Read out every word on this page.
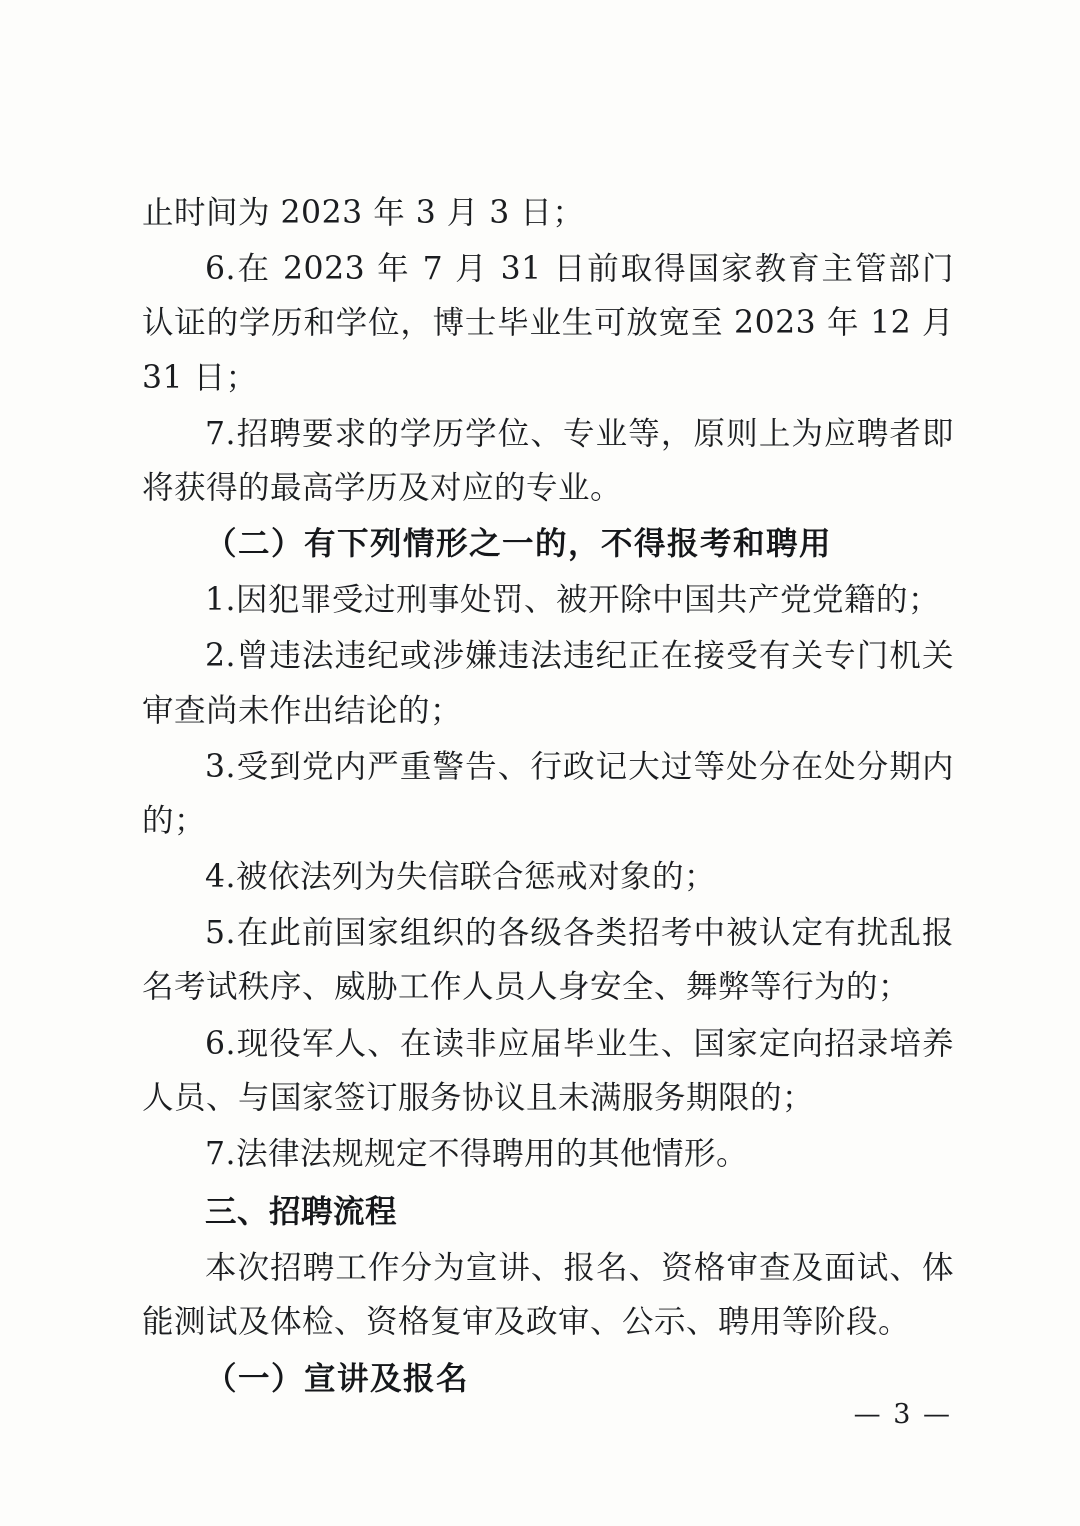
止时间为 2023 年 3 月 3 日；

6.在 2023 年 7 月 31 日前取得国家教育主管部门认证的学历和学位，博士毕业生可放宽至 2023 年 12 月 31 日；

7.招聘要求的学历学位、专业等，原则上为应聘者即将获得的最高学历及对应的专业。

（二）有下列情形之一的，不得报考和聘用

1.因犯罪受过刑事处罚、被开除中国共产党党籍的；

2.曾违法违纪或涉嫌违法违纪正在接受有关专门机关审查尚未作出结论的；

3.受到党内严重警告、行政记大过等处分在处分期内的；

4.被依法列为失信联合惩戒对象的；

5.在此前国家组织的各级各类招考中被认定有扰乱报名考试秩序、威胁工作人员人身安全、舞弊等行为的；

6.现役军人、在读非应届毕业生、国家定向招录培养人员、与国家签订服务协议且未满服务期限的；

7.法律法规规定不得聘用的其他情形。

三、招聘流程

本次招聘工作分为宣讲、报名、资格审查及面试、体能测试及体检、资格复审及政审、公示、聘用等阶段。

（一）宣讲及报名

— 3 —
